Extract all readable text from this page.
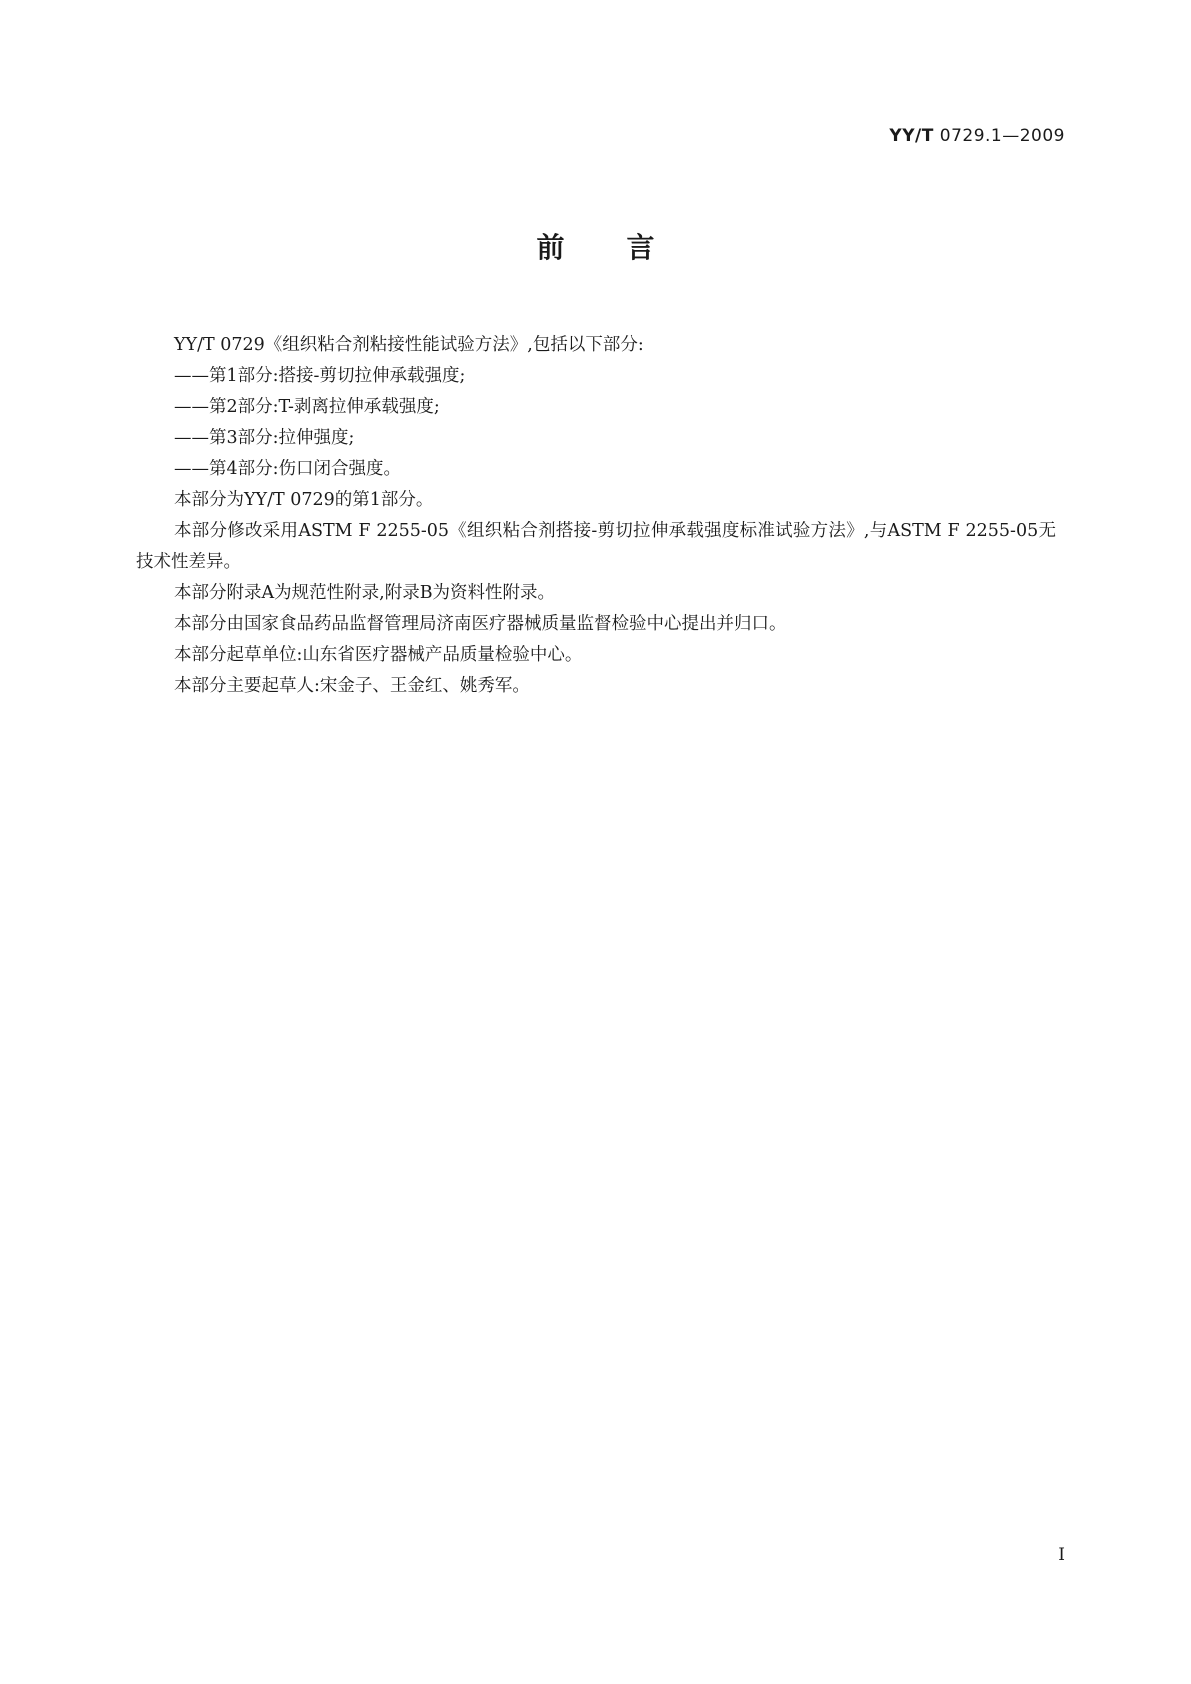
YY/T 0729.1—2009
前言

YY/T 0729《组织粘合剂粘接性能试验方法》,包括以下部分:

——第1部分:搭接-剪切拉伸承载强度;

——第2部分:T-剥离拉伸承载强度;

——第3部分:拉伸强度;

——第4部分:伤口闭合强度。

本部分为YY/T 0729的第1部分。

本部分修改采用ASTM F 2255-05《组织粘合剂搭接-剪切拉伸承载强度标准试验方法》,与ASTM F 2255-05无技术性差异。

本部分附录A为规范性附录,附录B为资料性附录。

本部分由国家食品药品监督管理局济南医疗器械质量监督检验中心提出并归口。

本部分起草单位:山东省医疗器械产品质量检验中心。

本部分主要起草人:宋金子、王金红、姚秀军。

I
